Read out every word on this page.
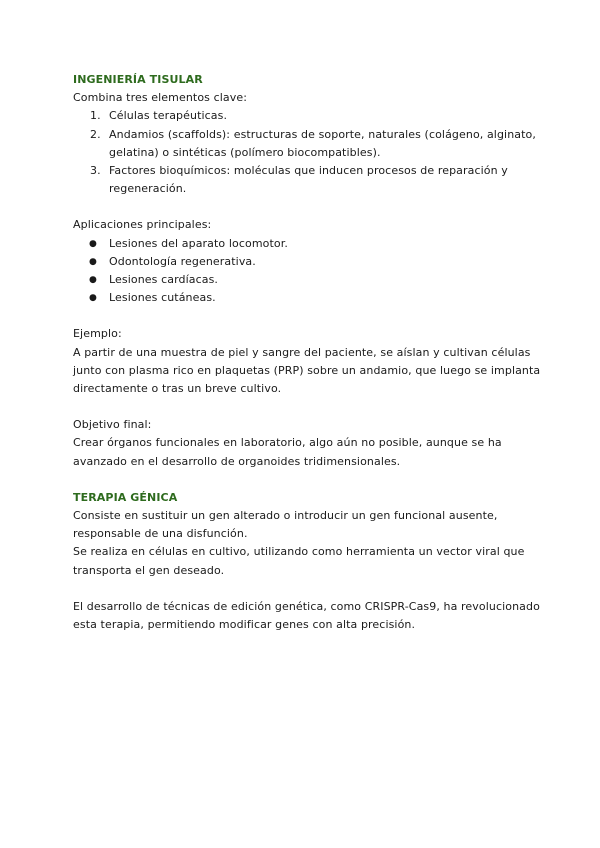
INGENIERÍA TISULAR

Combina tres elementos clave:

1. Células terapéuticas.
2. Andamios (scaffolds): estructuras de soporte, naturales (colágeno, alginato, gelatina) o sintéticas (polímero biocompatibles).
3. Factores bioquímicos: moléculas que inducen procesos de reparación y regeneración.

Aplicaciones principales:

● Lesiones del aparato locomotor.
● Odontología regenerativa.
● Lesiones cardíacas.
● Lesiones cutáneas.

Ejemplo:

A partir de una muestra de piel y sangre del paciente, se aíslan y cultivan células junto con plasma rico en plaquetas (PRP) sobre un andamio, que luego se implanta directamente o tras un breve cultivo.

Objetivo final:

Crear órganos funcionales en laboratorio, algo aún no posible, aunque se ha avanzado en el desarrollo de organoides tridimensionales.

TERAPIA GÉNICA

Consiste en sustituir un gen alterado o introducir un gen funcional ausente, responsable de una disfunción.

Se realiza en células en cultivo, utilizando como herramienta un vector viral que transporta el gen deseado.

El desarrollo de técnicas de edición genética, como CRISPR-Cas9, ha revolucionado esta terapia, permitiendo modificar genes con alta precisión.
